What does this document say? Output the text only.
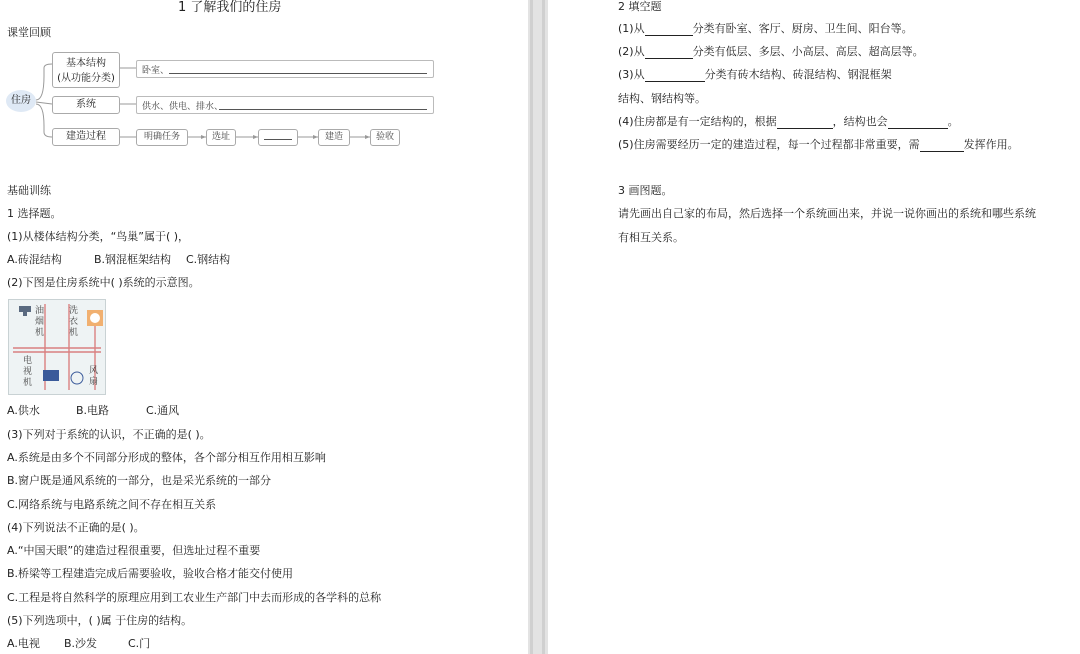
1 了解我们的住房
课堂回顾
住房
基本结构
(从功能分类)
卧室、
系统	供水、供电、排水、
建造过程	明确任务	选址	建造	验收
基础训练
1 选择题。
(1)从楼体结构分类，“鸟巢”属于( )，
A.砖混结构	B.钢混框架结构 C.钢结构
(2)下图是住房系统中( )系统的示意图。
油烟机
洗衣机
电视机
风扇
A.供水	B.电路	C.通风
(3)下列对于系统的认识，不正确的是( )。
A.系统是由多个不同部分形成的整体，各个部分相互作用相互影响
B.窗户既是通风系统的一部分，也是采光系统的一部分
C.网络系统与电路系统之间不存在相互关系
(4)下列说法不正确的是( )。
A.“中国天眼”的建造过程很重要，但选址过程不重要
B.桥梁等工程建造完成后需要验收，验收合格才能交付使用
C.工程是将自然科学的原理应用到工农业生产部门中去而形成的各学科的总称
(5)下列选项中，( )属 于住房的结构。
A.电视 B.沙发	C.门
2 填空题
(1)从	分类有卧室、客厅、厨房、卫生间、阳台等。
(2)从	分类有低层、多层、小高层、高层、超高层等。
(3)从	分类有砖木结构、砖混结构、钢混框架
结构、钢结构等。
(4)住房都是有一定结构的，根据	，结构也会	。
(5)住房需要经历一定的建造过程，每一个过程都非常重要，需	发挥作用。
3 画图题。
请先画出自己家的布局，然后选择一个系统画出来，并说一说你画出的系统和哪些系统
有相互关系。
